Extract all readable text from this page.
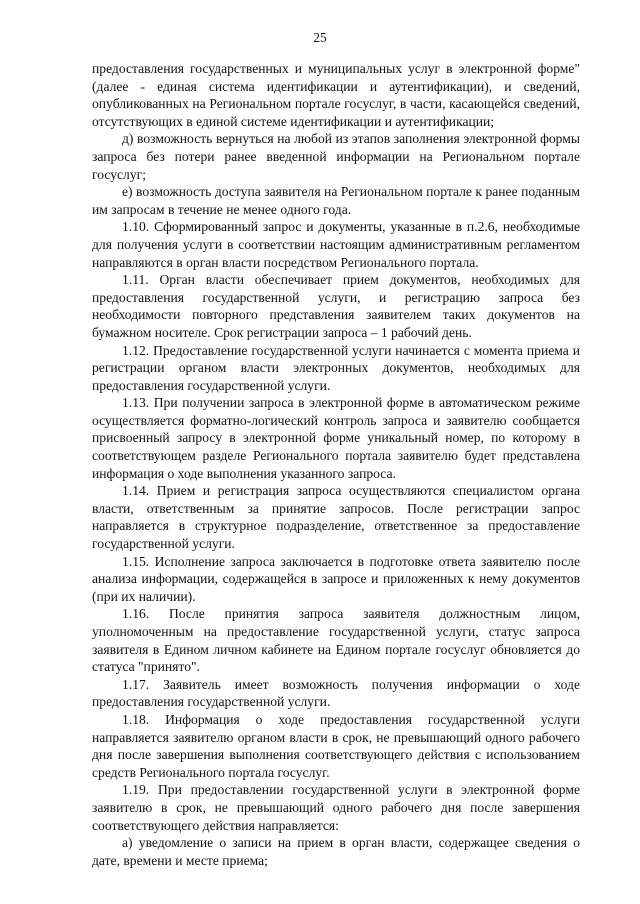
25

предоставления государственных и муниципальных услуг в электронной форме" (далее - единая система идентификации и аутентификации), и сведений, опубликованных на Региональном портале госуслуг, в части, касающейся сведений, отсутствующих в единой системе идентификации и аутентификации;

д) возможность вернуться на любой из этапов заполнения электронной формы запроса без потери ранее введенной информации на Региональном портале госуслуг;

е) возможность доступа заявителя на Региональном портале к ранее поданным им запросам в течение не менее одного года.

1.10. Сформированный запрос и документы, указанные в п.2.6, необходимые для получения услуги в соответствии настоящим административным регламентом направляются в орган власти посредством Регионального портала.

1.11. Орган власти обеспечивает прием документов, необходимых для предоставления государственной услуги, и регистрацию запроса без необходимости повторного представления заявителем таких документов на бумажном носителе. Срок регистрации запроса – 1 рабочий день.

1.12. Предоставление государственной услуги начинается с момента приема и регистрации органом власти электронных документов, необходимых для предоставления государственной услуги.

1.13. При получении запроса в электронной форме в автоматическом режиме осуществляется форматно-логический контроль запроса и заявителю сообщается присвоенный запросу в электронной форме уникальный номер, по которому в соответствующем разделе Регионального портала заявителю будет представлена информация о ходе выполнения указанного запроса.

1.14. Прием и регистрация запроса осуществляются специалистом органа власти, ответственным за принятие запросов. После регистрации запрос направляется в структурное подразделение, ответственное за предоставление государственной услуги.

1.15. Исполнение запроса заключается в подготовке ответа заявителю после анализа информации, содержащейся в запросе и приложенных к нему документов (при их наличии).

1.16. После принятия запроса заявителя должностным лицом, уполномоченным на предоставление государственной услуги, статус запроса заявителя в Едином личном кабинете на Едином портале госуслуг обновляется до статуса "принято".

1.17. Заявитель имеет возможность получения информации о ходе предоставления государственной услуги.

1.18. Информация о ходе предоставления государственной услуги направляется заявителю органом власти в срок, не превышающий одного рабочего дня после завершения выполнения соответствующего действия с использованием средств Регионального портала госуслуг.

1.19. При предоставлении государственной услуги в электронной форме заявителю в срок, не превышающий одного рабочего дня после завершения соответствующего действия направляется:

а) уведомление о записи на прием в орган власти, содержащее сведения о дате, времени и месте приема;
